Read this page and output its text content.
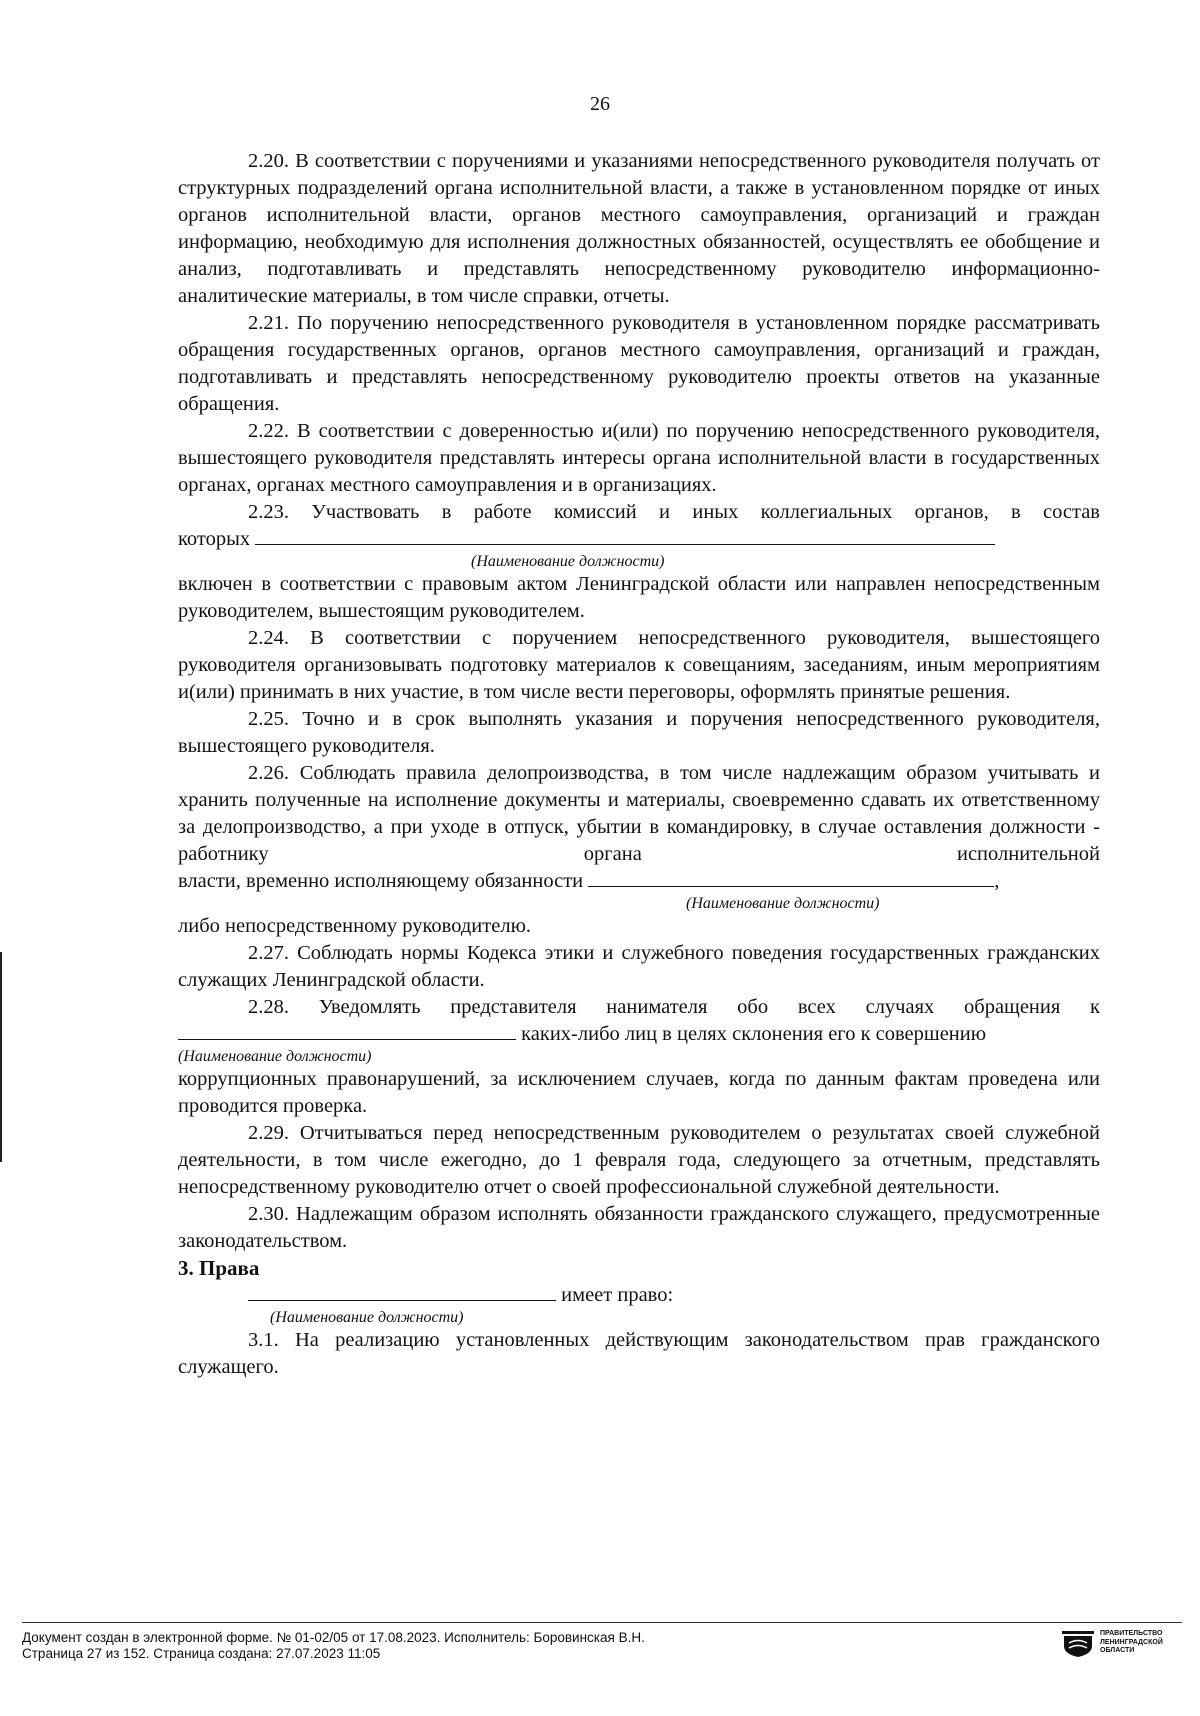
26

2.20. В соответствии с поручениями и указаниями непосредственного руководителя получать от структурных подразделений органа исполнительной власти, а также в установленном порядке от иных органов исполнительной власти, органов местного самоуправления, организаций и граждан информацию, необходимую для исполнения должностных обязанностей, осуществлять ее обобщение и анализ, подготавливать и представлять непосредственному руководителю информационно-аналитические материалы, в том числе справки, отчеты.

2.21. По поручению непосредственного руководителя в установленном порядке рассматривать обращения государственных органов, органов местного самоуправления, организаций и граждан, подготавливать и представлять непосредственному руководителю проекты ответов на указанные обращения.

2.22. В соответствии с доверенностью и(или) по поручению непосредственного руководителя, вышестоящего руководителя представлять интересы органа исполнительной власти в государственных органах, органах местного самоуправления и в организациях.

2.23. Участвовать в работе комиссий и иных коллегиальных органов, в состав

которых

(Наименование должности)

включен в соответствии с правовым актом Ленинградской области или направлен непосредственным руководителем, вышестоящим руководителем.

2.24. В соответствии с поручением непосредственного руководителя, вышестоящего руководителя организовывать подготовку материалов к совещаниям, заседаниям, иным мероприятиям и(или) принимать в них участие, в том числе вести переговоры, оформлять принятые решения.

2.25. Точно и в срок выполнять указания и поручения непосредственного руководителя, вышестоящего руководителя.

2.26. Соблюдать правила делопроизводства, в том числе надлежащим образом учитывать и хранить полученные на исполнение документы и материалы, своевременно сдавать их ответственному за делопроизводство, а при уходе в отпуск, убытии в командировку, в случае оставления должности - работнику органа исполнительной

власти, временно исполняющему обязанности	,

(Наименование должности)

либо непосредственному руководителю.

2.27. Соблюдать нормы Кодекса этики и служебного поведения государственных гражданских служащих Ленинградской области.

2.28. Уведомлять представителя нанимателя обо всех случаях обращения к

каких-либо лиц в целях склонения его к совершению

(Наименование должности)

коррупционных правонарушений, за исключением случаев, когда по данным фактам проведена или проводится проверка.

2.29. Отчитываться перед непосредственным руководителем о результатах своей служебной деятельности, в том числе ежегодно, до 1 февраля года, следующего за отчетным, представлять непосредственному руководителю отчет о своей профессиональной служебной деятельности.

2.30. Надлежащим образом исполнять обязанности гражданского служащего, предусмотренные законодательством.

3. Права

имеет право:

(Наименование должности)

3.1. На реализацию установленных действующим законодательством прав гражданского служащего.

Документ создан в электронной форме. № 01-02/05 от 17.08.2023. Исполнитель: Боровинская В.Н.
Страница 27 из 152. Страница создана: 27.07.2023 11:05
ПРАВИТЕЛЬСТВО ЛЕНИНГРАДСКОЙ ОБЛАСТИ
